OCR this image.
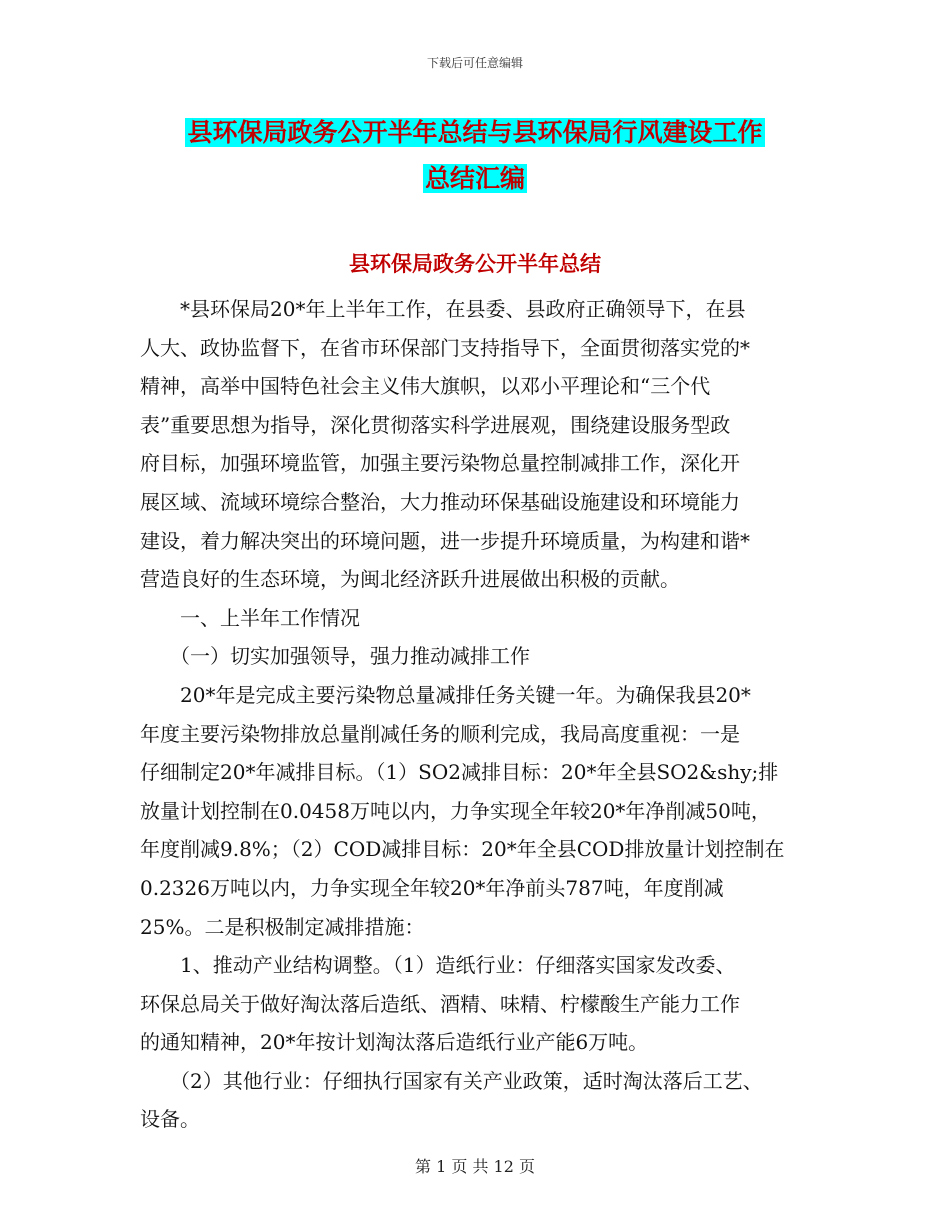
下载后可任意编辑
县环保局政务公开半年总结与县环保局行风建设工作
总结汇编
县环保局政务公开半年总结
　　*县环保局20*年上半年工作，在县委、县政府正确领导下，在县
人大、政协监督下，在省市环保部门支持指导下，全面贯彻落实党的*
精神，高举中国特色社会主义伟大旗帜，以邓小平理论和“三个代
表”重要思想为指导，深化贯彻落实科学进展观，围绕建设服务型政
府目标，加强环境监管，加强主要污染物总量控制减排工作，深化开
展区域、流域环境综合整治，大力推动环保基础设施建设和环境能力
建设，着力解决突出的环境问题，进一步提升环境质量，为构建和谐*
营造良好的生态环境，为闽北经济跃升进展做出积极的贡献。
　　一、上半年工作情况
　　（一）切实加强领导，强力推动减排工作
　　20*年是完成主要污染物总量减排任务关键一年。为确保我县20*
年度主要污染物排放总量削减任务的顺利完成，我局高度重视：一是
仔细制定20*年减排目标。（1）SO2减排目标：20*年全县SO2&shy;排
放量计划控制在0.0458万吨以内，力争实现全年较20*年净削减50吨，
年度削减9.8%；（2）COD减排目标：20*年全县COD排放量计划控制在
0.2326万吨以内，力争实现全年较20*年净前头787吨，年度削减
25%。二是积极制定减排措施：
　　1、推动产业结构调整。（1）造纸行业：仔细落实国家发改委、
环保总局关于做好淘汰落后造纸、酒精、味精、柠檬酸生产能力工作
的通知精神，20*年按计划淘汰落后造纸行业产能6万吨。
　　（2）其他行业：仔细执行国家有关产业政策，适时淘汰落后工艺、
设备。
第 1 页 共 12 页
